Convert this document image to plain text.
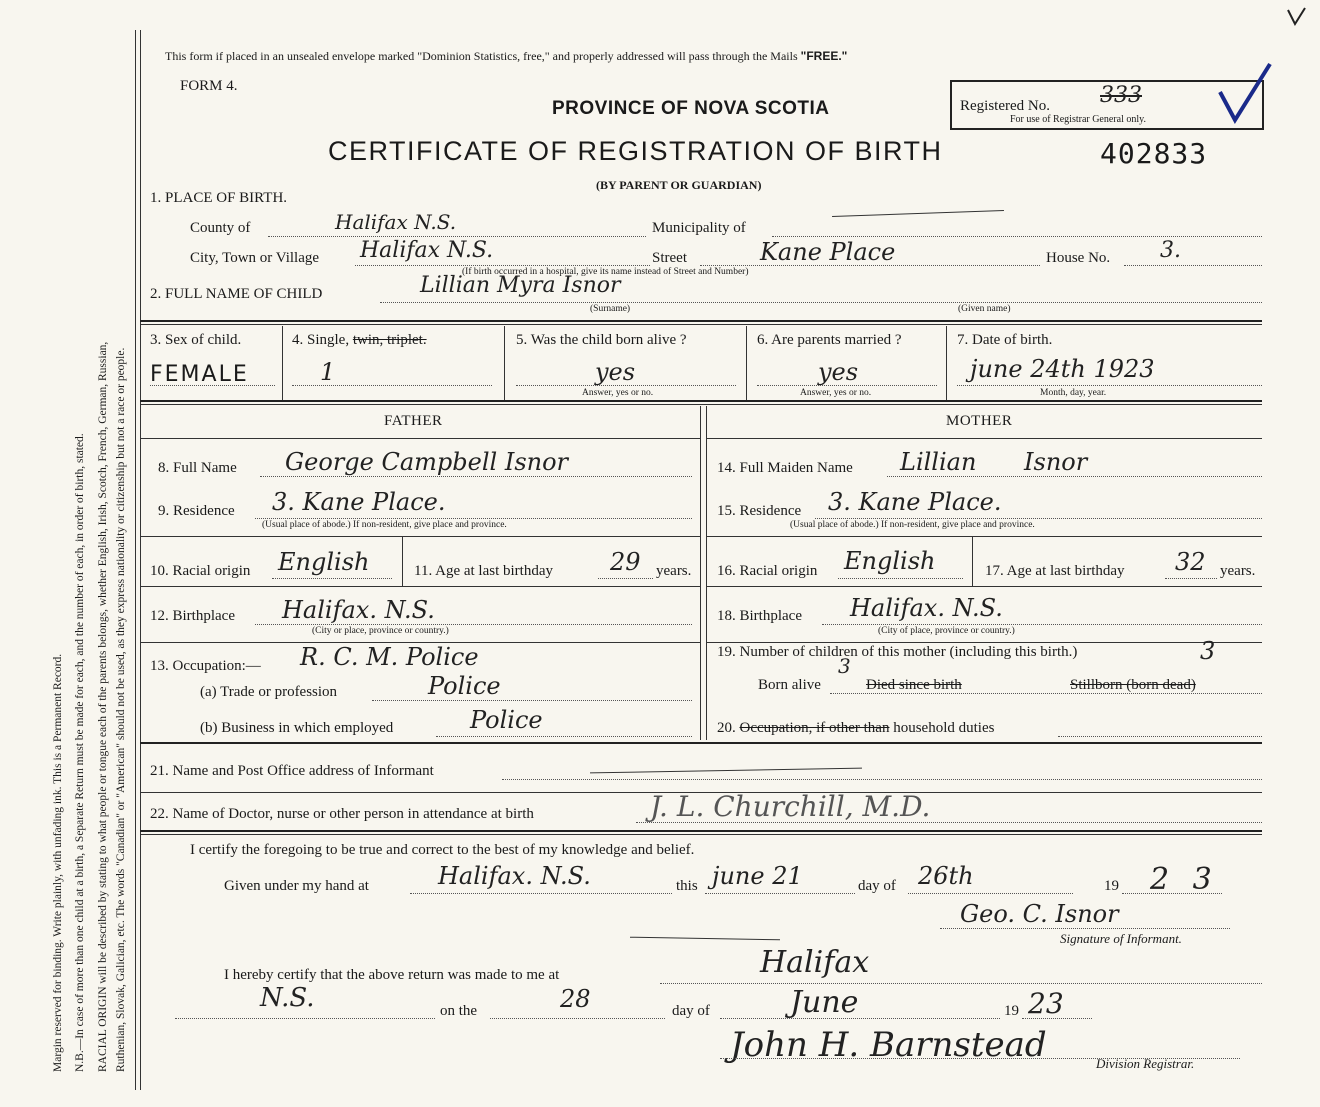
Margin reserved for binding. Write plainly, with unfading ink. This is a Permanent Record. N.B.—In case of more than one child at a birth, a Separate Return must be made for each, and the number of each, in order of birth, stated. RACIAL ORIGIN will be described by stating to what people or tongue each of the parents belongs, whether English, Irish, Scotch, French, German, Russian, Ruthenian, Slovak, Galician, etc. The words "Canadian" or "American" should not be used, as they express nationality or citizenship but not a race or people.
This form if placed in an unsealed envelope marked "Dominion Statistics, free," and properly addressed will pass through the Mails "FREE."
FORM 4.
PROVINCE OF NOVA SCOTIA	Registered No. 333
For use of Registrar General only.
CERTIFICATE OF REGISTRATION OF BIRTH	402833
(BY PARENT OR GUARDIAN)
1. PLACE OF BIRTH.
County of	Halifax N.S.	Municipality of
City, Town or Village Halifax N.S.
(If birth occurred in a hospital, give its name instead of Street and Number)
Street	Kane Place	House No. 3.
2. FULL NAME OF CHILD	Lillian Myra Isnor
(Surname)	(Given name)
3. Sex of child.
FEMALE
4. Single, twin, triplet.
1
5. Was the child born alive ?
yes
Answer, yes or no.
6. Are parents married ?
yes
Answer, yes or no.
7. Date of birth.
june 24th 1923
Month, day, year.
FATHER	MOTHER
8. Full Name George Campbell Isnor
9. Residence 3. Kane Place.
(Usual place of abode.) If non-resident, give place and province.
10. Racial origin English	11. Age at last birthday 29 years.
12. Birthplace Halifax. N.S.
(City or place, province or country.)
13. Occupation:— R. C. M. Police
(a) Trade or profession	Police
(b) Business in which employed	Police
14. Full Maiden Name Lillian Isnor
15. Residence 3. Kane Place.
(Usual place of abode.) If non-resident, give place and province.
16. Racial origin English	17. Age at last birthday 32 years.
18. Birthplace Halifax. N.S.
(City of place, province or country.)
19. Number of children of this mother (including this birth.)	3
Born alive
3
Died since birth	Stillborn (born dead)
20. Occupation, if other than household duties
21. Name and Post Office address of Informant
22. Name of Doctor, nurse or other person in attendance at birth	J. L. Churchill, M.D.
I certify the foregoing to be true and correct to the best of my knowledge and belief.
Given under my hand at	Halifax. N.S.	this june 21	day of 26th	19 2 3
Geo. C. Isnor
Signature of Informant.
I hereby certify that the above return was made to me at	Halifax
N.S.	on the	28	day of	June	19 23
John H. Barnstead	Division Registrar.
